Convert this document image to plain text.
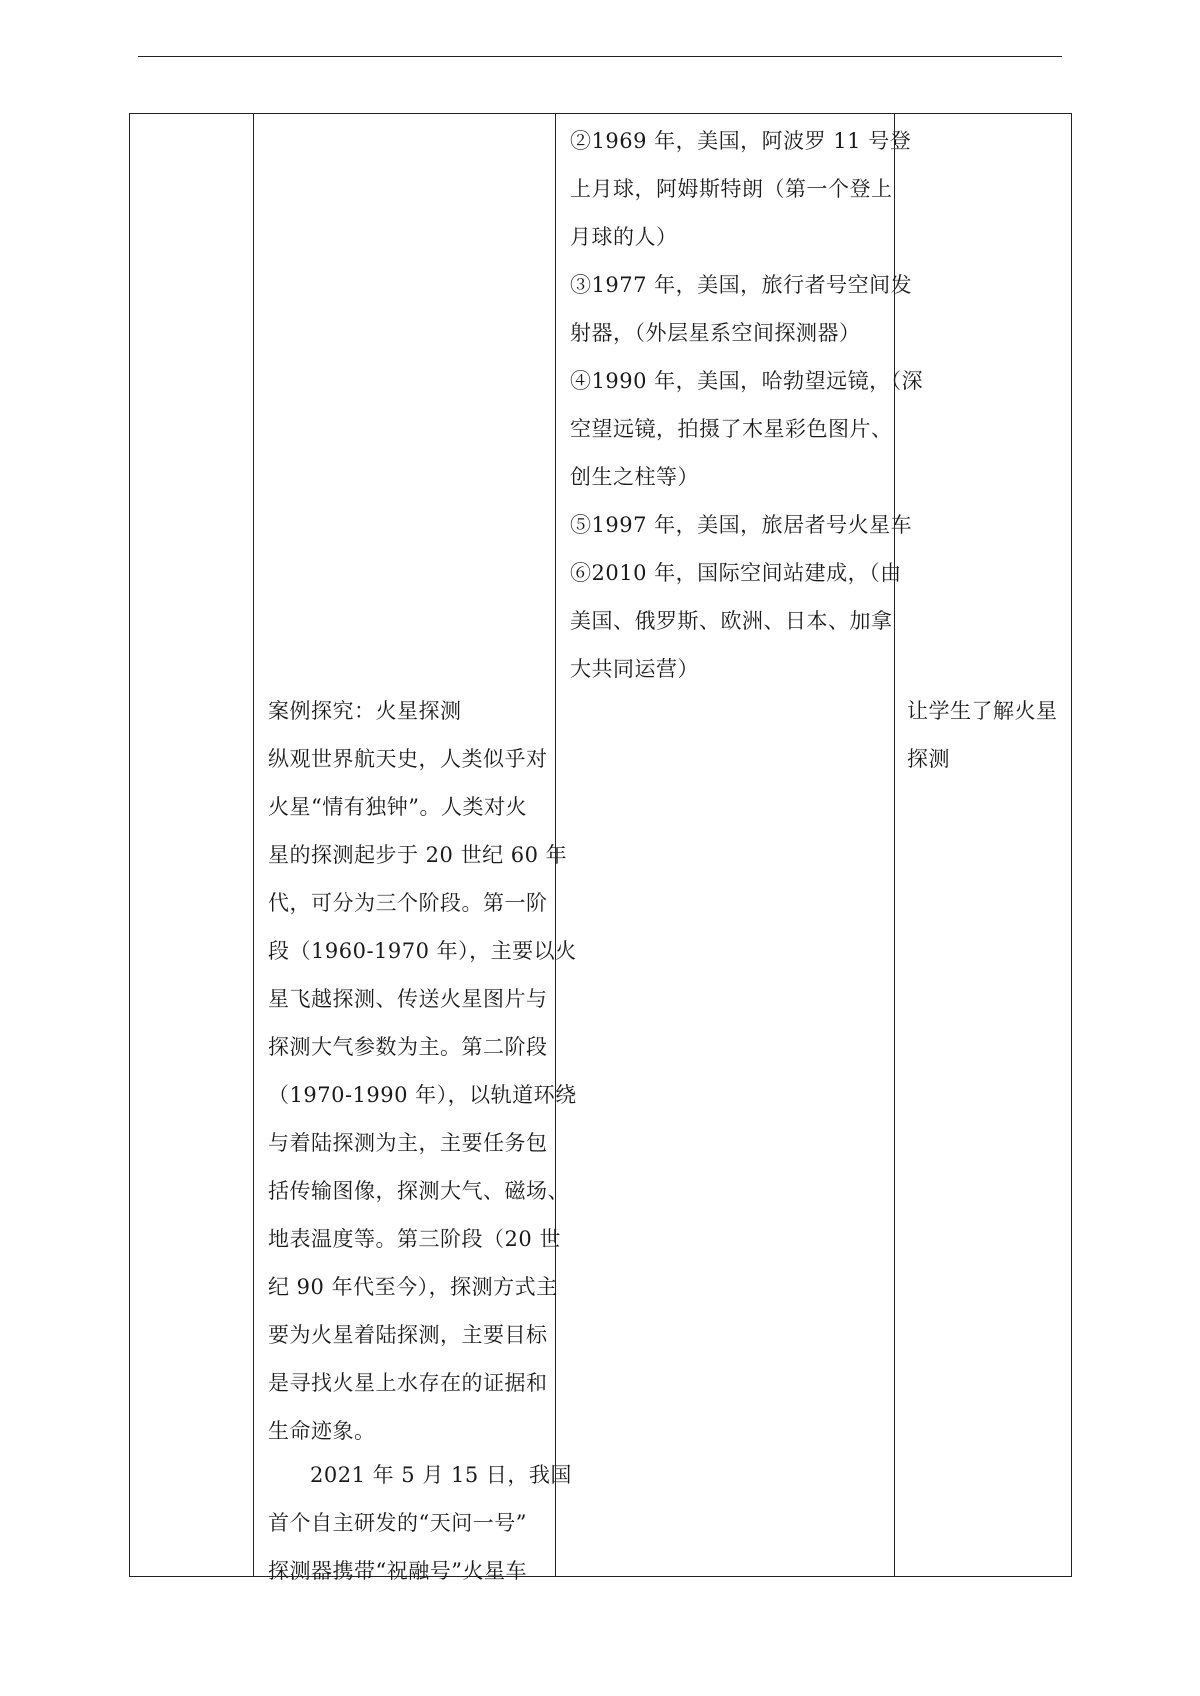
②1969 年，美国，阿波罗 11 号登
上月球，阿姆斯特朗（第一个登上
月球的人）
③1977 年，美国，旅行者号空间发
射器，（外层星系空间探测器）
④1990 年，美国，哈勃望远镜，（深
空望远镜，拍摄了木星彩色图片、
创生之柱等）
⑤1997 年，美国，旅居者号火星车
⑥2010 年，国际空间站建成，（由
美国、俄罗斯、欧洲、日本、加拿
大共同运营）
案例探究：火星探测
纵观世界航天史，人类似乎对
火星“情有独钟”。人类对火
星的探测起步于 20 世纪 60 年
代，可分为三个阶段。第一阶
段（1960-1970 年），主要以火
星飞越探测、传送火星图片与
探测大气参数为主。第二阶段
（1970-1990 年），以轨道环绕
与着陆探测为主，主要任务包
括传输图像，探测大气、磁场、
地表温度等。第三阶段（20 世
纪 90 年代至今），探测方式主
要为火星着陆探测，主要目标
是寻找火星上水存在的证据和
生命迹象。
2021 年 5 月 15 日，我国
首个自主研发的“天问一号”
探测器携带“祝融号”火星车
让学生了解火星
探测
